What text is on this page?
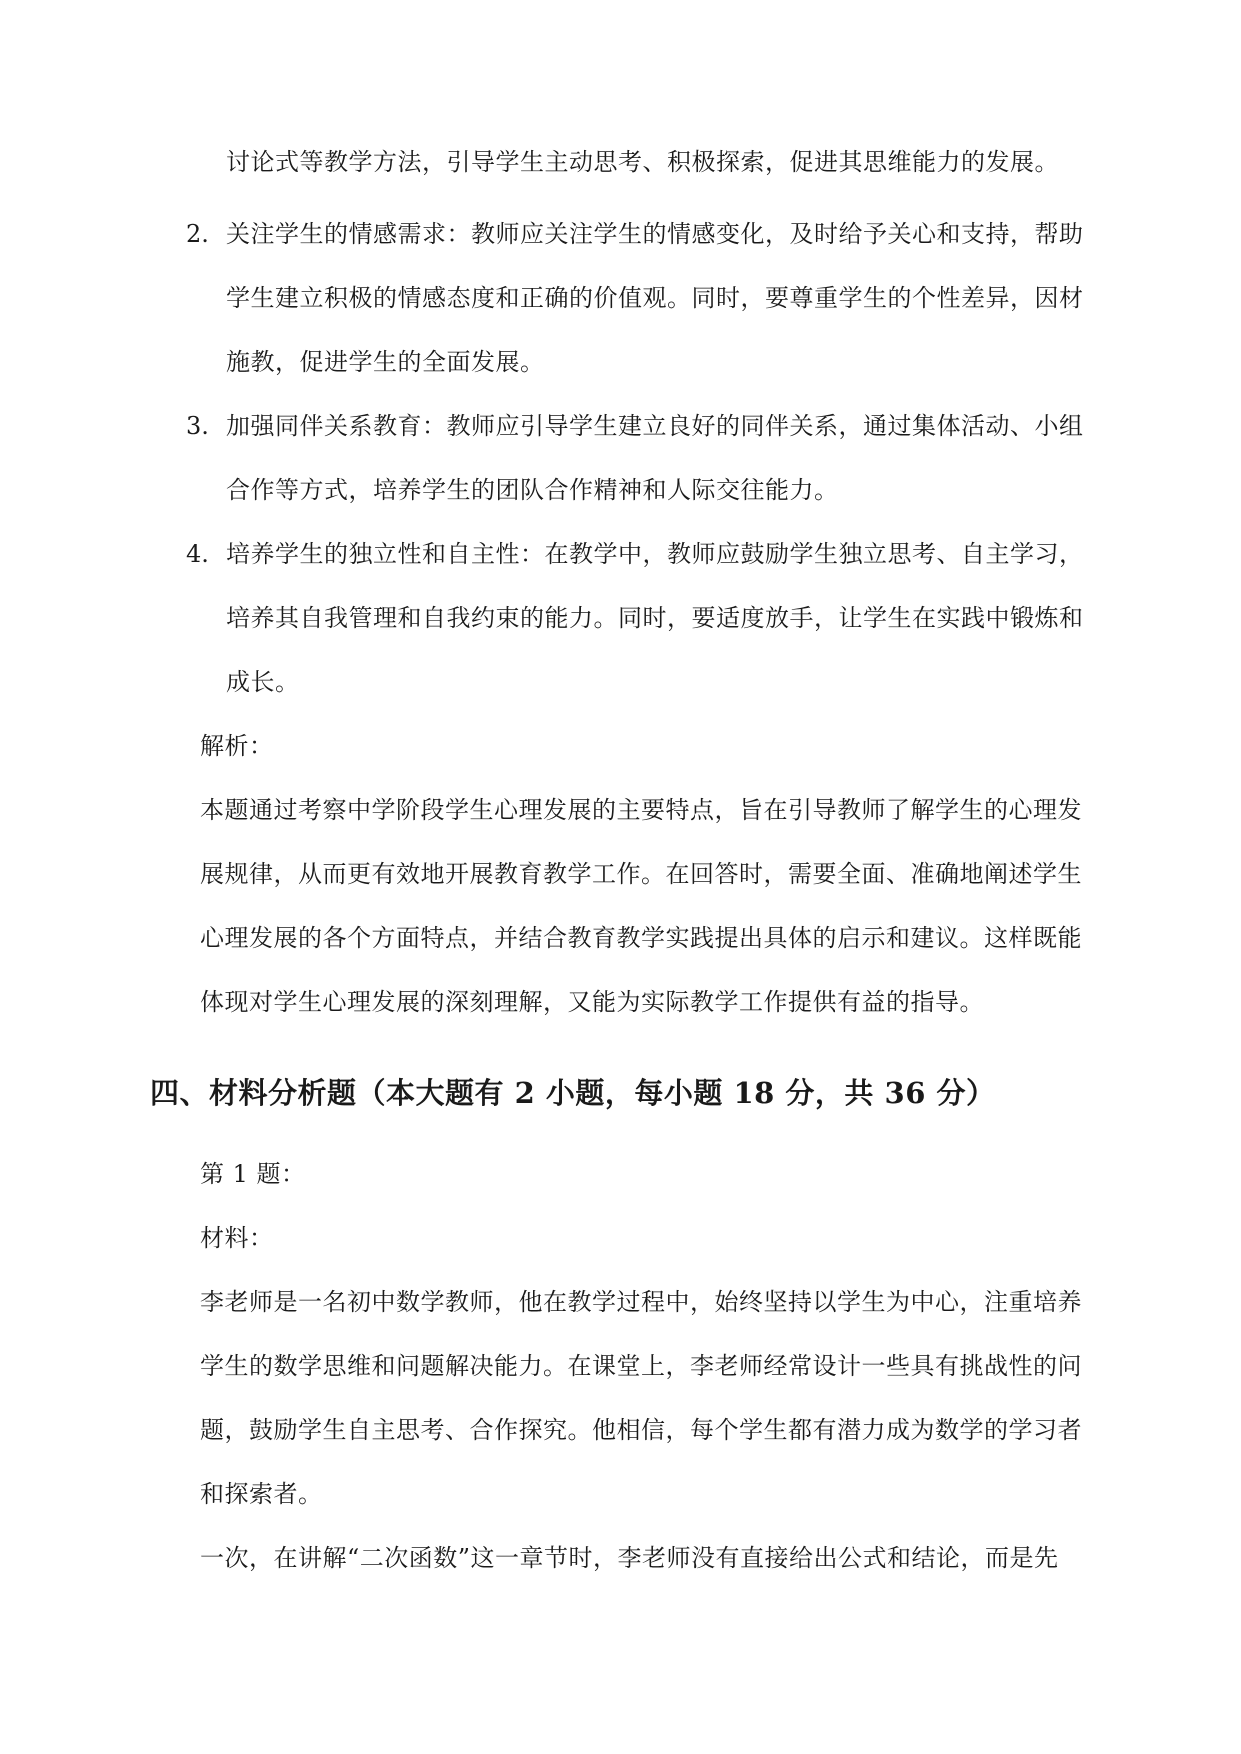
讨论式等教学方法，引导学生主动思考、积极探索，促进其思维能力的发展。
2. 关注学生的情感需求：教师应关注学生的情感变化，及时给予关心和支持，帮助
学生建立积极的情感态度和正确的价值观。同时，要尊重学生的个性差异，因材
施教，促进学生的全面发展。
3. 加强同伴关系教育：教师应引导学生建立良好的同伴关系，通过集体活动、小组
合作等方式，培养学生的团队合作精神和人际交往能力。
4. 培养学生的独立性和自主性：在教学中，教师应鼓励学生独立思考、自主学习，
培养其自我管理和自我约束的能力。同时，要适度放手，让学生在实践中锻炼和
成长。
解析：
本题通过考察中学阶段学生心理发展的主要特点，旨在引导教师了解学生的心理发
展规律，从而更有效地开展教育教学工作。在回答时，需要全面、准确地阐述学生
心理发展的各个方面特点，并结合教育教学实践提出具体的启示和建议。这样既能
体现对学生心理发展的深刻理解，又能为实际教学工作提供有益的指导。
四、材料分析题（本大题有 2 小题，每小题 18 分，共 36 分）
第 1 题：
材料：
李老师是一名初中数学教师，他在教学过程中，始终坚持以学生为中心，注重培养
学生的数学思维和问题解决能力。在课堂上，李老师经常设计一些具有挑战性的问
题，鼓励学生自主思考、合作探究。他相信，每个学生都有潜力成为数学的学习者
和探索者。
一次，在讲解“二次函数”这一章节时，李老师没有直接给出公式和结论，而是先
